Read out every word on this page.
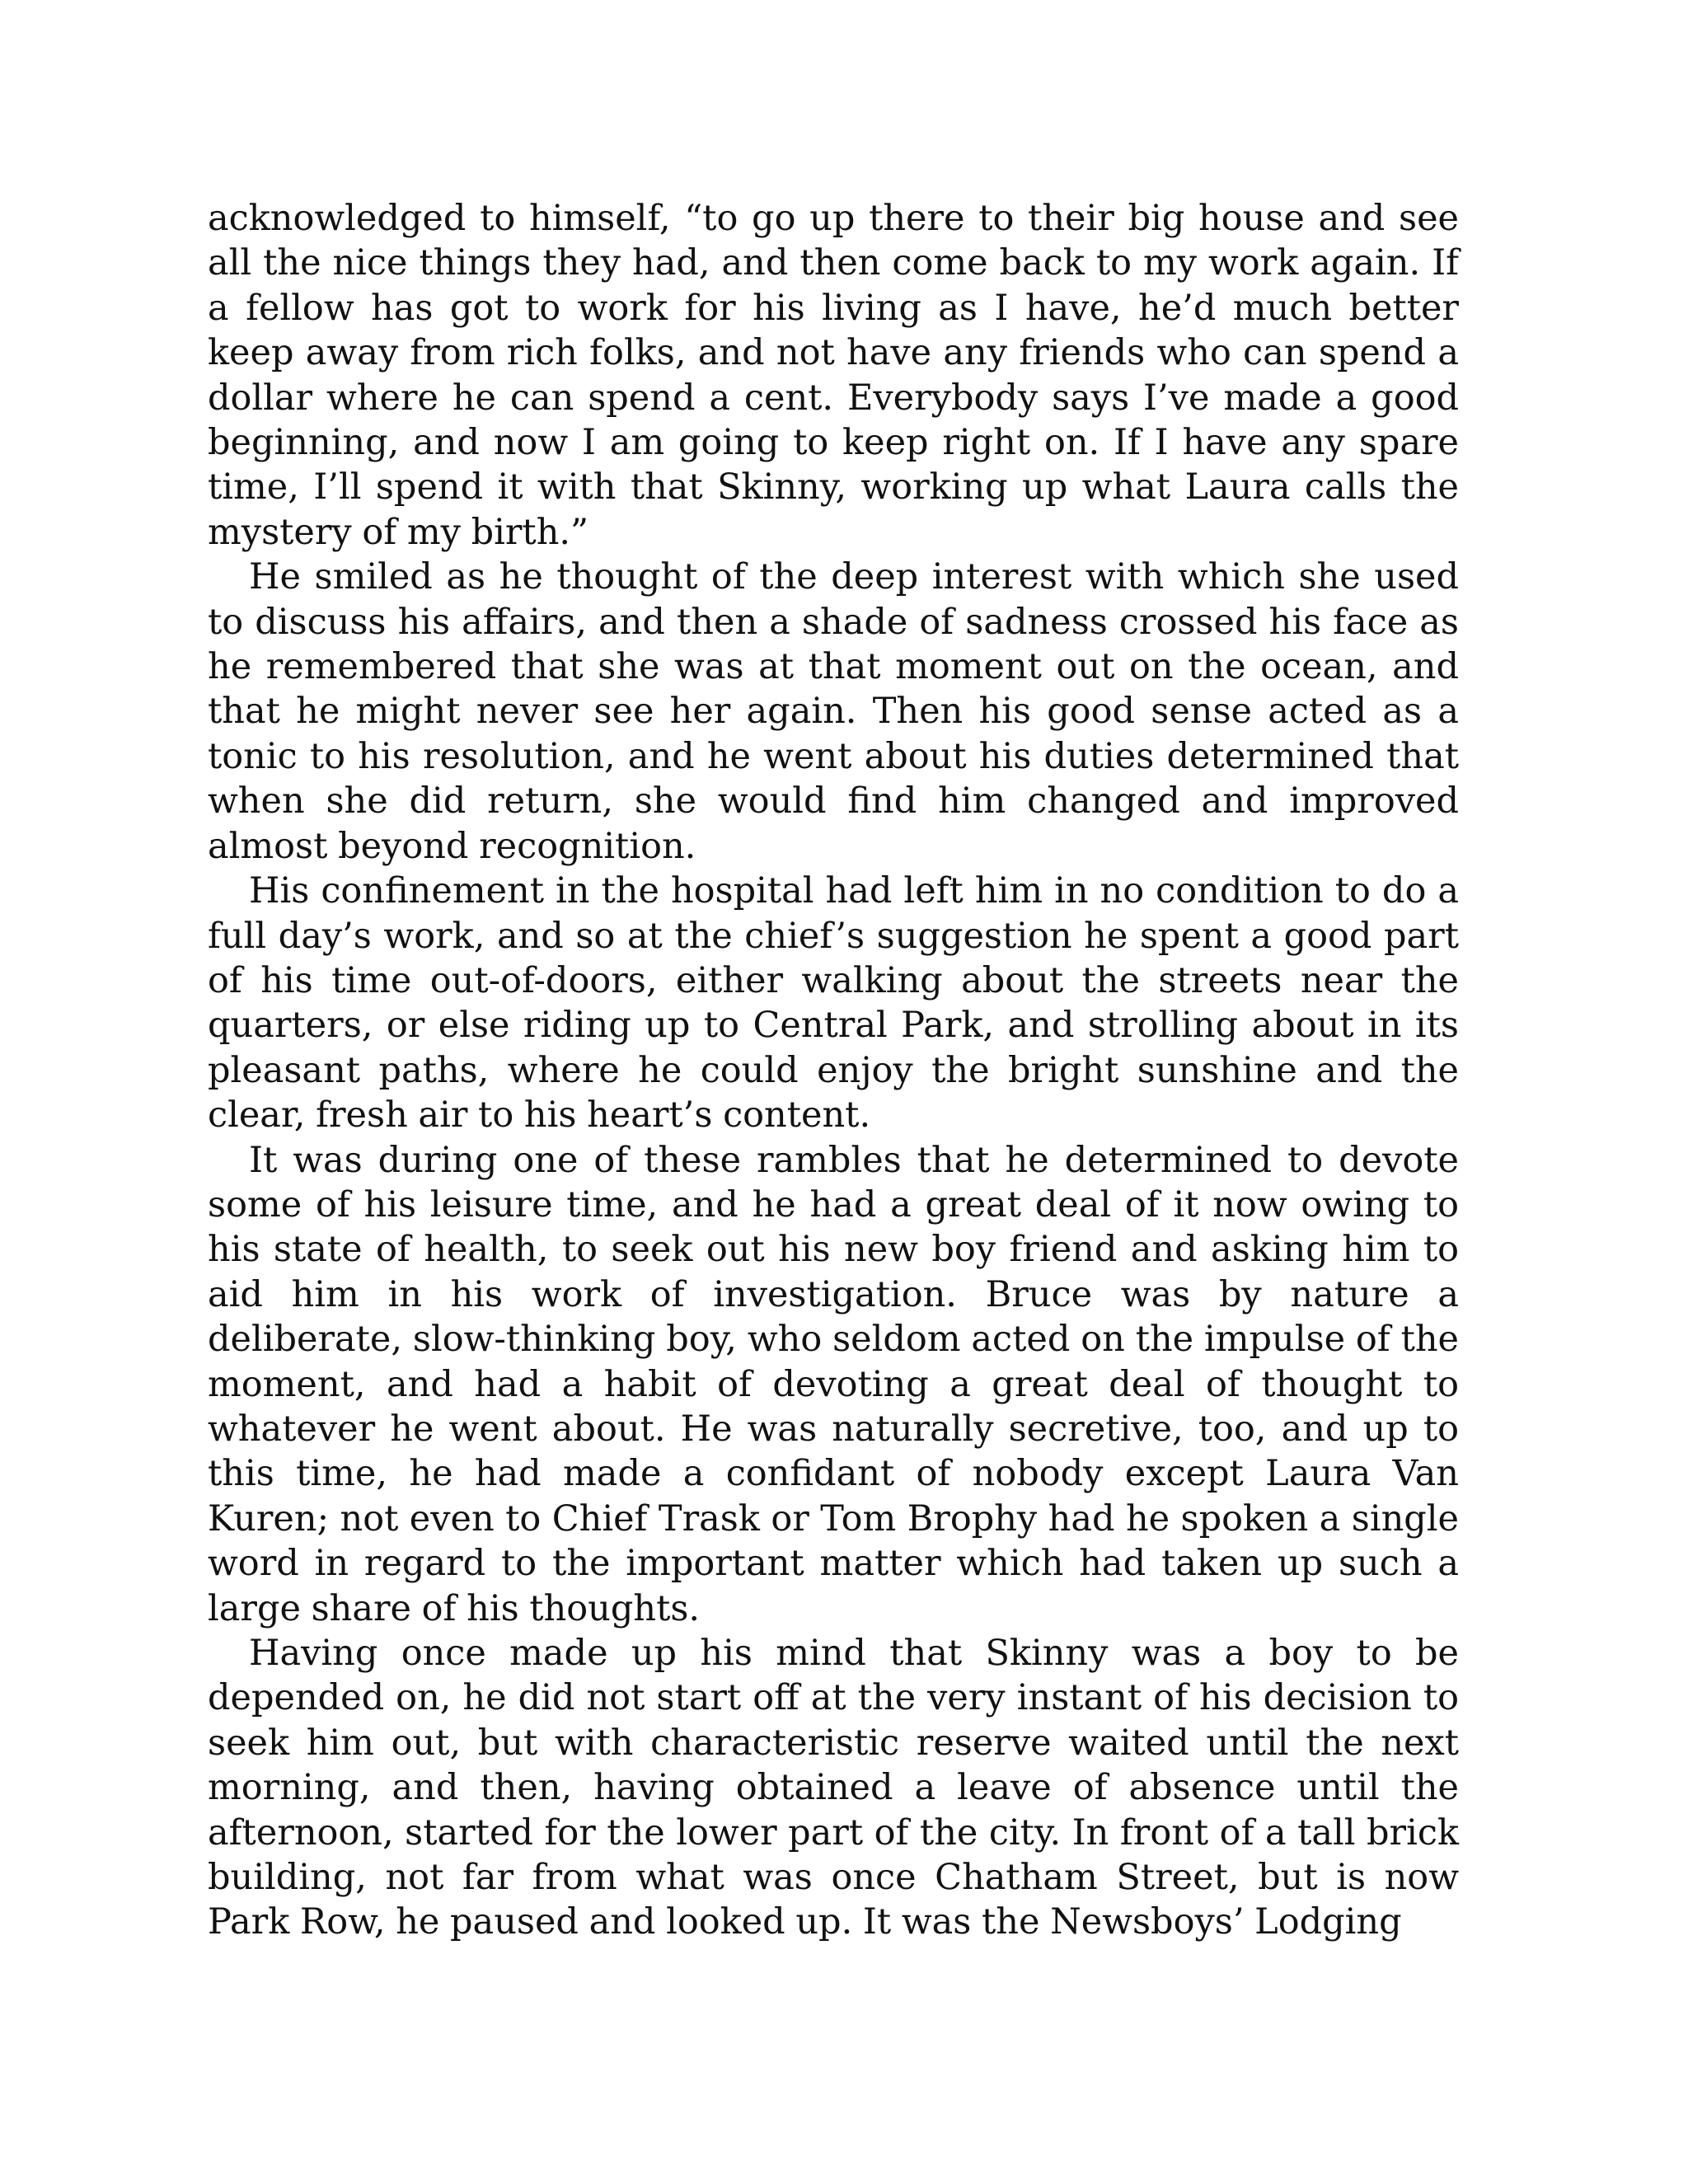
acknowledged to himself, “to go up there to their big house and see all the nice things they had, and then come back to my work again. If a fellow has got to work for his living as I have, he’d much better keep away from rich folks, and not have any friends who can spend a dollar where he can spend a cent. Everybody says I’ve made a good beginning, and now I am going to keep right on. If I have any spare time, I’ll spend it with that Skinny, working up what Laura calls the mystery of my birth.”

He smiled as he thought of the deep interest with which she used to discuss his affairs, and then a shade of sadness crossed his face as he remembered that she was at that moment out on the ocean, and that he might never see her again. Then his good sense acted as a tonic to his resolution, and he went about his duties determined that when she did return, she would find him changed and improved almost beyond recognition.

His confinement in the hospital had left him in no condition to do a full day’s work, and so at the chief’s suggestion he spent a good part of his time out-of-doors, either walking about the streets near the quarters, or else riding up to Central Park, and strolling about in its pleasant paths, where he could enjoy the bright sunshine and the clear, fresh air to his heart’s content.

It was during one of these rambles that he determined to devote some of his leisure time, and he had a great deal of it now owing to his state of health, to seek out his new boy friend and asking him to aid him in his work of investigation. Bruce was by nature a deliberate, slow-thinking boy, who seldom acted on the impulse of the moment, and had a habit of devoting a great deal of thought to whatever he went about. He was naturally secretive, too, and up to this time, he had made a confidant of nobody except Laura Van Kuren; not even to Chief Trask or Tom Brophy had he spoken a single word in regard to the important matter which had taken up such a large share of his thoughts.

Having once made up his mind that Skinny was a boy to be depended on, he did not start off at the very instant of his decision to seek him out, but with characteristic reserve waited until the next morning, and then, having obtained a leave of absence until the afternoon, started for the lower part of the city. In front of a tall brick building, not far from what was once Chatham Street, but is now Park Row, he paused and looked up. It was the Newsboys’ Lodging
